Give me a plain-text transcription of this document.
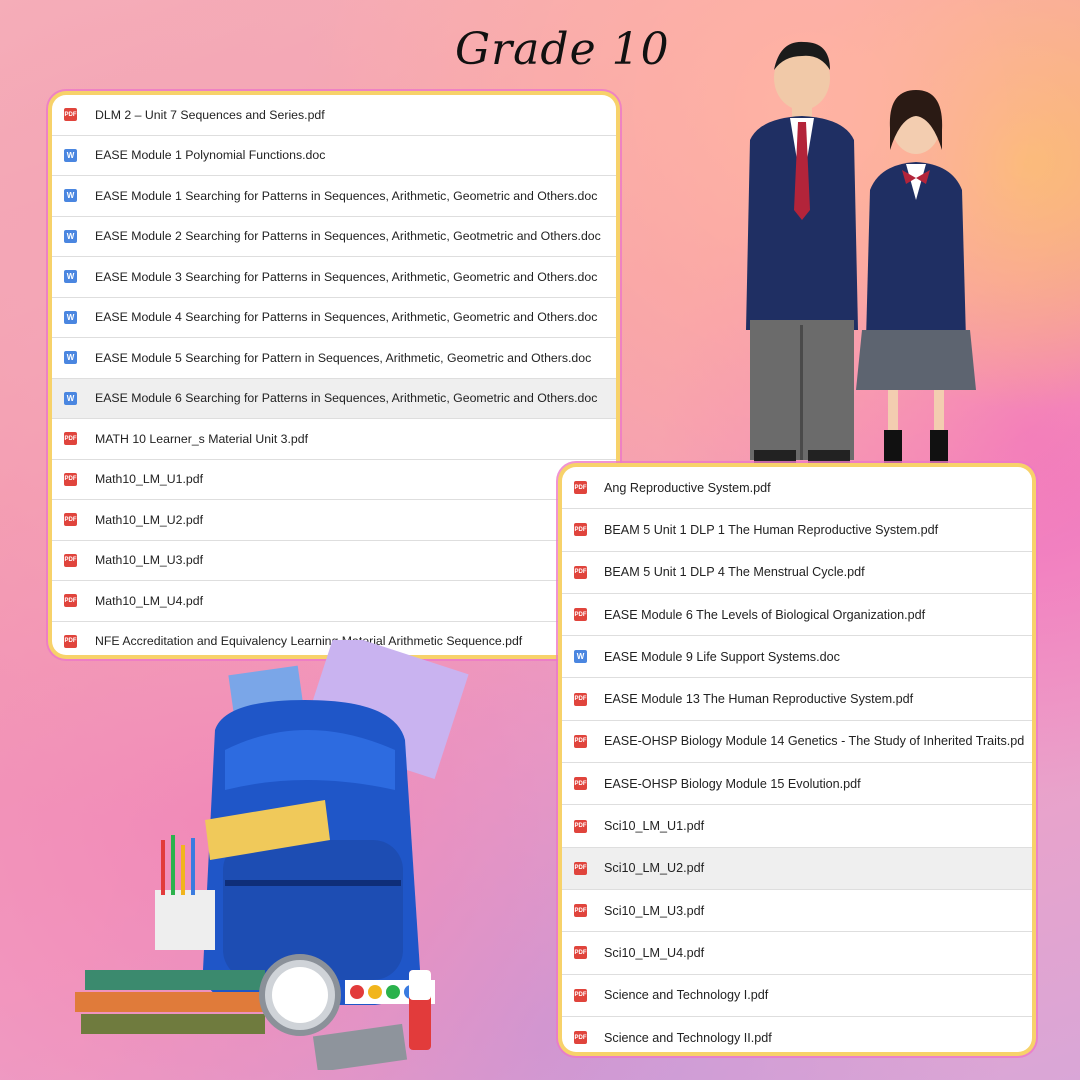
Grade 10
PDF DLM 2 – Unit 7 Sequences and Series.pdf
W EASE Module 1 Polynomial Functions.doc
W EASE Module 1 Searching for Patterns in Sequences, Arithmetic, Geometric and Others.doc
W EASE Module 2 Searching for Patterns in Sequences, Arithmetic, Geotmetric and Others.doc
W EASE Module 3 Searching for Patterns in Sequences, Arithmetic, Geometric and Others.doc
W EASE Module 4 Searching for Patterns in Sequences, Arithmetic, Geometric and Others.doc
W EASE Module 5 Searching for Pattern in Sequences, Arithmetic, Geometric and Others.doc
W EASE Module 6 Searching for Patterns in Sequences, Arithmetic, Geometric and Others.doc
PDF MATH 10 Learner_s Material Unit 3.pdf
PDF Math10_LM_U1.pdf
PDF Math10_LM_U2.pdf
PDF Math10_LM_U3.pdf
PDF Math10_LM_U4.pdf
PDF NFE Accreditation and Equivalency Learning Material Arithmetic Sequence.pdf
PDF Ang Reproductive System.pdf
PDF BEAM 5 Unit 1 DLP 1 The Human Reproductive System.pdf
PDF BEAM 5 Unit 1 DLP 4 The Menstrual Cycle.pdf
PDF EASE Module 6 The Levels of Biological Organization.pdf
W EASE Module 9 Life Support Systems.doc
PDF EASE Module 13 The Human Reproductive System.pdf
PDF EASE-OHSP Biology Module 14 Genetics - The Study of Inherited Traits.pd
PDF EASE-OHSP Biology Module 15 Evolution.pdf
PDF Sci10_LM_U1.pdf
PDF Sci10_LM_U2.pdf
PDF Sci10_LM_U3.pdf
PDF Sci10_LM_U4.pdf
PDF Science and Technology I.pdf
PDF Science and Technology II.pdf
